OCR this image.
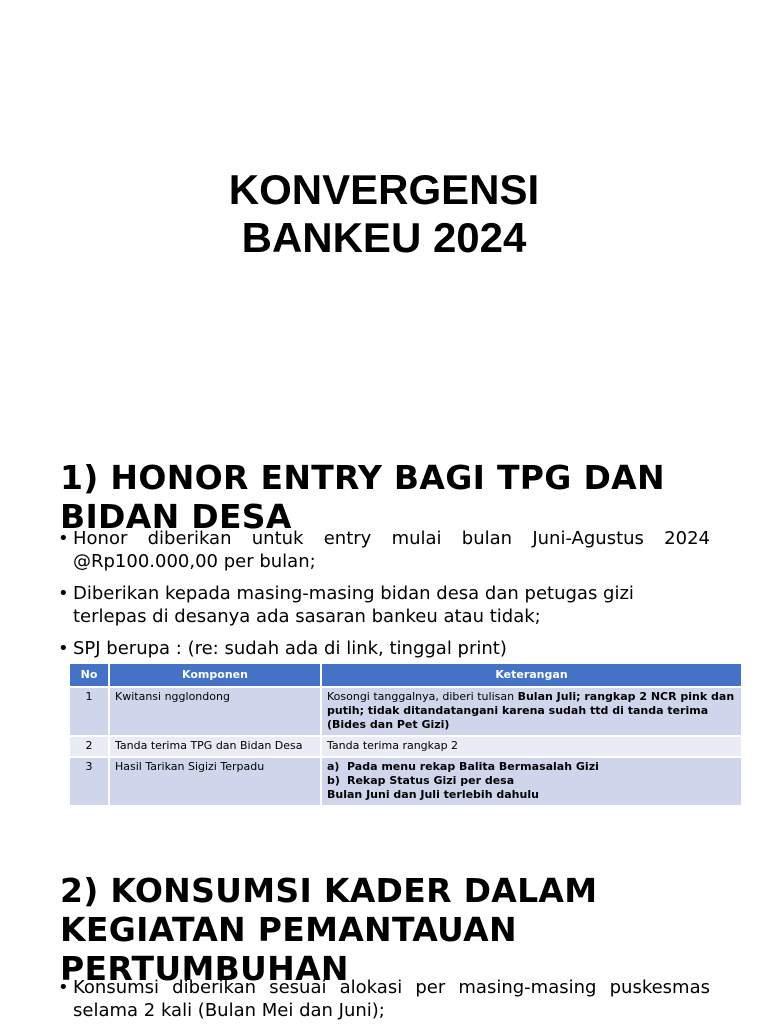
KONVERGENSI
BANKEU 2024
1) HONOR ENTRY BAGI TPG DAN BIDAN DESA
• Honor diberikan untuk entry mulai bulan Juni-Agustus 2024 @Rp100.000,00 per bulan;
• Diberikan kepada masing-masing bidan desa dan petugas gizi terlepas di desanya ada sasaran bankeu atau tidak;
• SPJ berupa : (re: sudah ada di link, tinggal print)
No	Komponen	Keterangan
1	Kwitansi ngglondong	Kosongi tanggalnya, diberi tulisan Bulan Juli; rangkap 2 NCR pink dan putih; tidak ditandatangani karena sudah ttd di tanda terima (Bides dan Pet Gizi)
2	Tanda terima TPG dan Bidan Desa	Tanda terima rangkap 2
3	Hasil Tarikan Sigizi Terpadu	a) Pada menu rekap Balita Bermasalah Gizi
b) Rekap Status Gizi per desa
Bulan Juni dan Juli terlebih dahulu
2) KONSUMSI KADER DALAM KEGIATAN PEMANTAUAN PERTUMBUHAN
• Konsumsi diberikan sesuai alokasi per masing-masing puskesmas selama 2 kali (Bulan Mei dan Juni);
